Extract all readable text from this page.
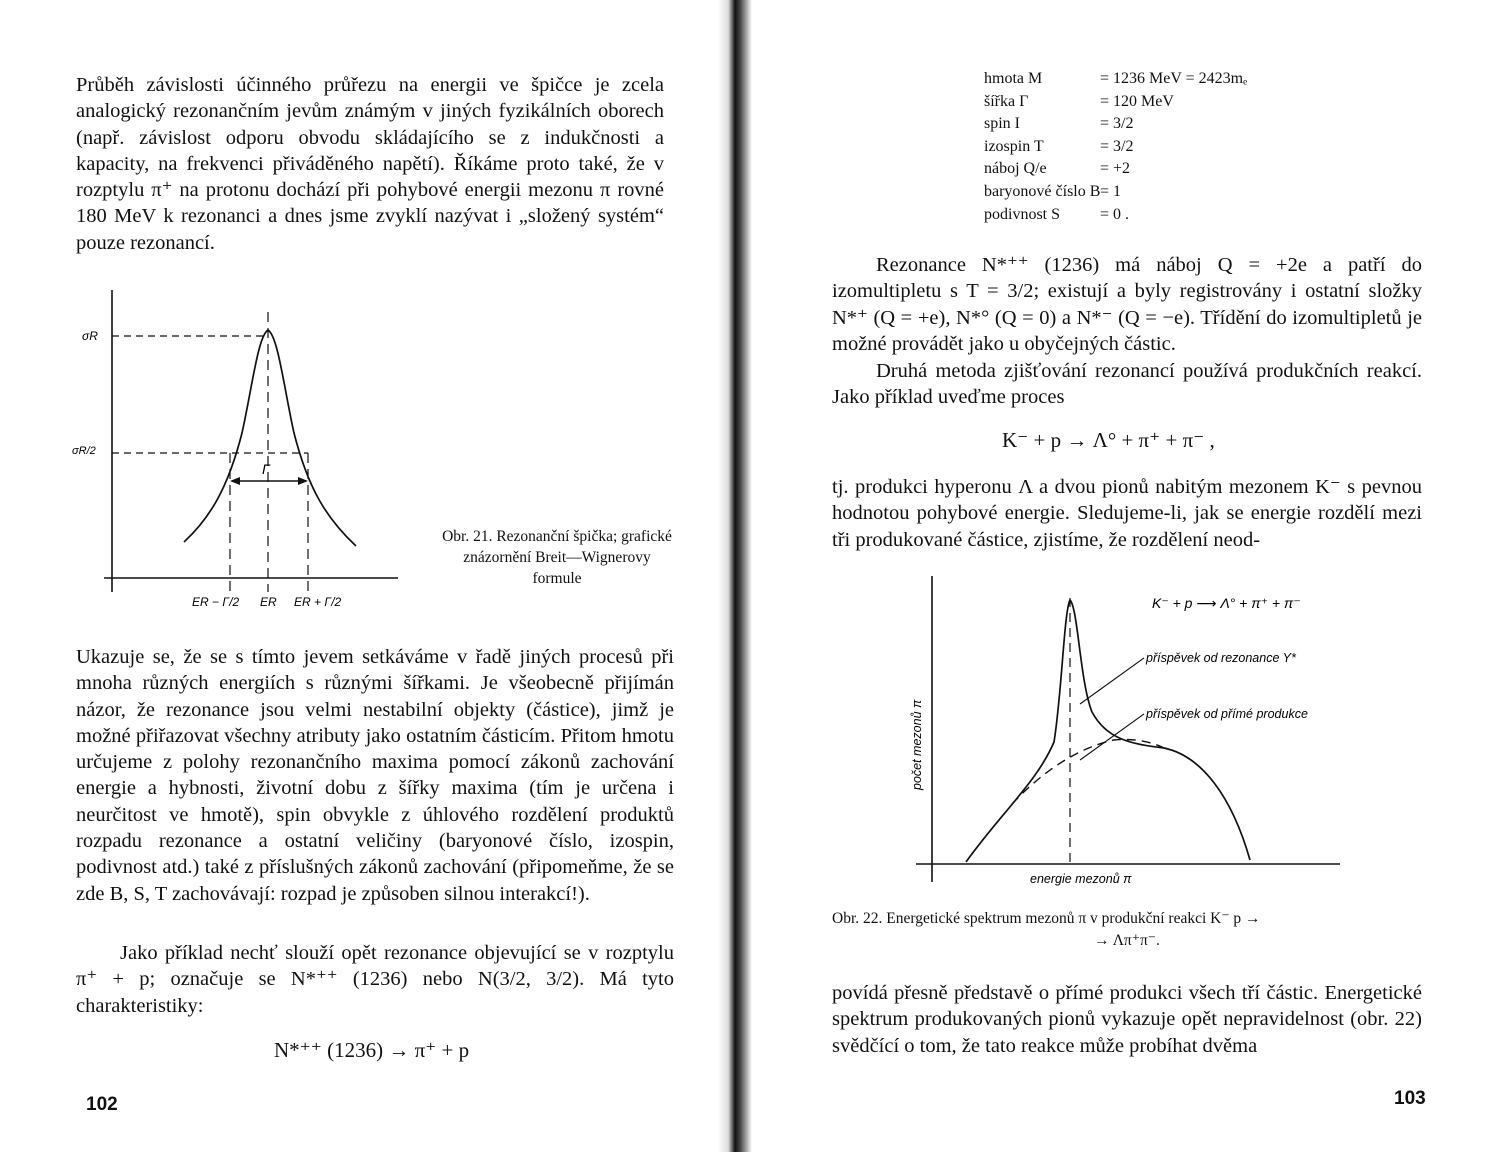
Průběh závislosti účinného průřezu na energii ve špičce je zcela analogický rezonančním jevům známým v jiných fyzikálních oborech (např. závislost odporu obvodu skládajícího se z indukčnosti a kapacity, na frekvenci přiváděného napětí). Říkáme proto také, že v rozptylu π⁺ na protonu dochází při pohybové energii mezonu π rovné 180 MeV k rezonanci a dnes jsme zvyklí nazývat i „složený systém“ pouze rezonancí.

Γ
σR
σR/2
ER − Γ/2 ER ER + Γ/2

Obr. 21. Rezonanční špička; grafické znázornění Breit—Wignerovy formule

Ukazuje se, že se s tímto jevem setkáváme v řadě jiných procesů při mnoha různých energiích s různými šířkami. Je všeobecně přijímán názor, že rezonance jsou velmi nestabilní objekty (částice), jimž je možné přiřazovat všechny atributy jako ostatním částicím. Přitom hmotu určujeme z polohy rezonančního maxima pomocí zákonů zachování energie a hybnosti, životní dobu z šířky maxima (tím je určena i neurčitost ve hmotě), spin obvykle z úhlového rozdělení produktů rozpadu rezonance a ostatní veličiny (baryonové číslo, izospin, podivnost atd.) také z příslušných zákonů zachování (připomeňme, že se zde B, S, T zachovávají: rozpad je způsoben silnou interakcí!).

Jako příklad nechť slouží opět rezonance objevující se v rozptylu π⁺ + p; označuje se N*⁺⁺ (1236) nebo N(3/2, 3/2). Má tyto charakteristiky:

N*⁺⁺ (1236) → π⁺ + p

102

hmota M	= 1236 MeV = 2423mₑ
šířka Γ	= 120 MeV
spin I	= 3/2
izospin T	= 3/2
náboj Q/e	= +2
baryonové číslo B = 1
podivnost S	= 0 .

Rezonance N*⁺⁺ (1236) má náboj Q = +2e a patří do izomultipletu s T = 3/2; existují a byly registrovány i ostatní složky N*⁺ (Q = +e), N*° (Q = 0) a N*⁻ (Q = −e). Třídění do izomultipletů je možné provádět jako u obyčejných částic.

Druhá metoda zjišťování rezonancí používá produkčních reakcí. Jako příklad uveďme proces

K⁻ + p → Λ° + π⁺ + π⁻ ,

tj. produkci hyperonu Λ a dvou pionů nabitým mezonem K⁻ s pevnou hodnotou pohybové energie. Sledujeme-li, jak se energie rozdělí mezi tři produkované částice, zjistíme, že rozdělení neod-

K⁻ + p ⟶ Λ° + π⁺ + π⁻
příspěvek od rezonance Y*
příspěvek od přímé produkce
počet mezonů π
energie mezonů π

Obr. 22. Energetické spektrum mezonů π v produkční reakci K⁻ p →

→ Λπ⁺π⁻.

povídá přesně představě o přímé produkci všech tří částic. Energetické spektrum produkovaných pionů vykazuje opět nepravidelnost (obr. 22) svědčící o tom, že tato reakce může probíhat dvěma

103
